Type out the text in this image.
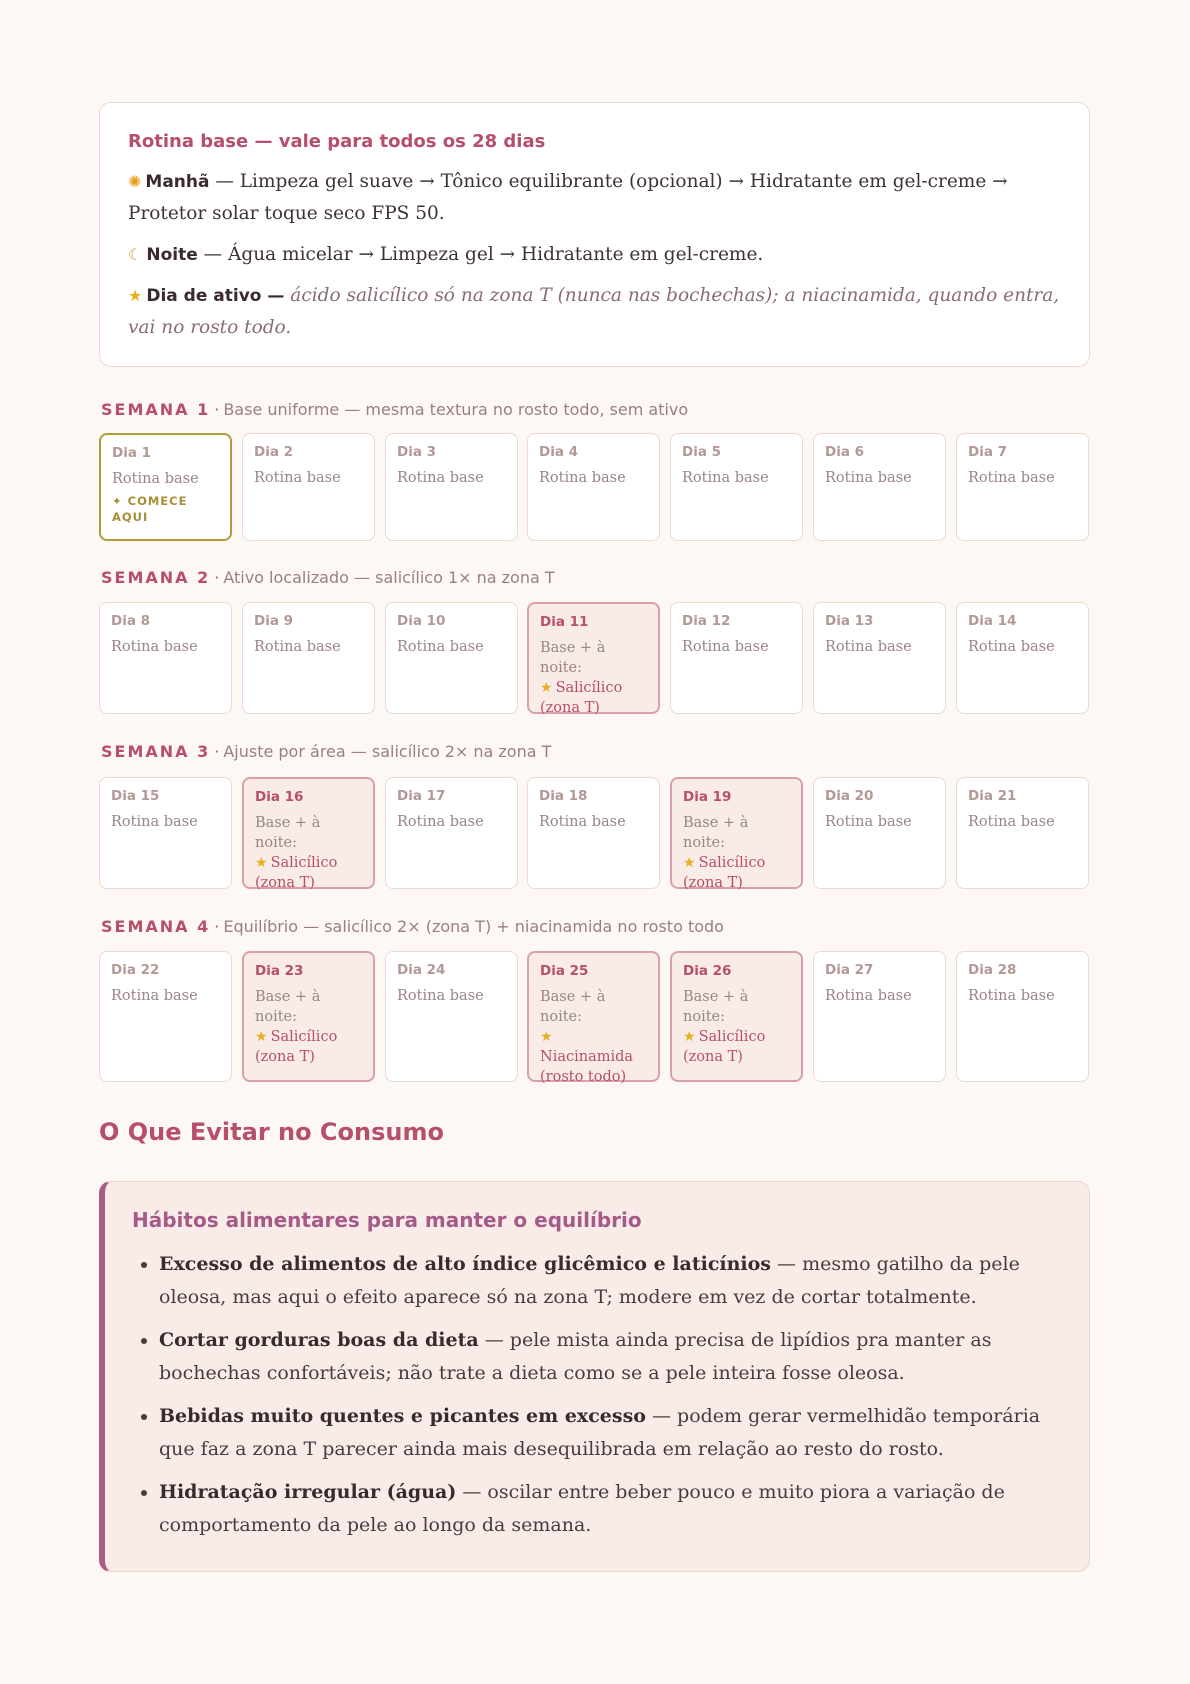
Rotina base — vale para todos os 28 dias

✺ Manhã — Limpeza gel suave → Tônico equilibrante (opcional) → Hidratante em gel-creme → Protetor solar toque seco FPS 50.

☾ Noite — Água micelar → Limpeza gel → Hidratante em gel-creme.

★ Dia de ativo — ácido salicílico só na zona T (nunca nas bochechas); a niacinamida, quando entra, vai no rosto todo.

SEMANA 1 · Base uniforme — mesma textura no rosto todo, sem ativo
Dia 1
Rotina base
✦ COMECE AQUI
Dia 2
Rotina base
Dia 3
Rotina base
Dia 4
Rotina base
Dia 5
Rotina base
Dia 6
Rotina base
Dia 7
Rotina base
SEMANA 2 · Ativo localizado — salicílico 1× na zona T
Dia 8
Rotina base
Dia 9
Rotina base
Dia 10
Rotina base
Dia 11
Base + à noite:
★ Salicílico
(zona T)
Dia 12
Rotina base
Dia 13
Rotina base
Dia 14
Rotina base
SEMANA 3 · Ajuste por área — salicílico 2× na zona T
Dia 15
Rotina base
Dia 16
Base + à noite:
★ Salicílico
(zona T)
Dia 17
Rotina base
Dia 18
Rotina base
Dia 19
Base + à noite:
★ Salicílico
(zona T)
Dia 20
Rotina base
Dia 21
Rotina base
SEMANA 4 · Equilíbrio — salicílico 2× (zona T) + niacinamida no rosto todo
Dia 22
Rotina base
Dia 23
Base + à noite:
★ Salicílico
(zona T)
Dia 24
Rotina base
Dia 25
Base + à noite:
★
Niacinamida (rosto todo)
Dia 26
Base + à noite:
★ Salicílico
(zona T)
Dia 27
Rotina base
Dia 28
Rotina base
O Que Evitar no Consumo
Hábitos alimentares para manter o equilíbrio
• Excesso de alimentos de alto índice glicêmico e laticínios — mesmo gatilho da pele oleosa, mas aqui o efeito aparece só na zona T; modere em vez de cortar totalmente.
• Cortar gorduras boas da dieta — pele mista ainda precisa de lipídios pra manter as bochechas confortáveis; não trate a dieta como se a pele inteira fosse oleosa.
• Bebidas muito quentes e picantes em excesso — podem gerar vermelhidão temporária que faz a zona T parecer ainda mais desequilibrada em relação ao resto do rosto.
• Hidratação irregular (água) — oscilar entre beber pouco e muito piora a variação de comportamento da pele ao longo da semana.
